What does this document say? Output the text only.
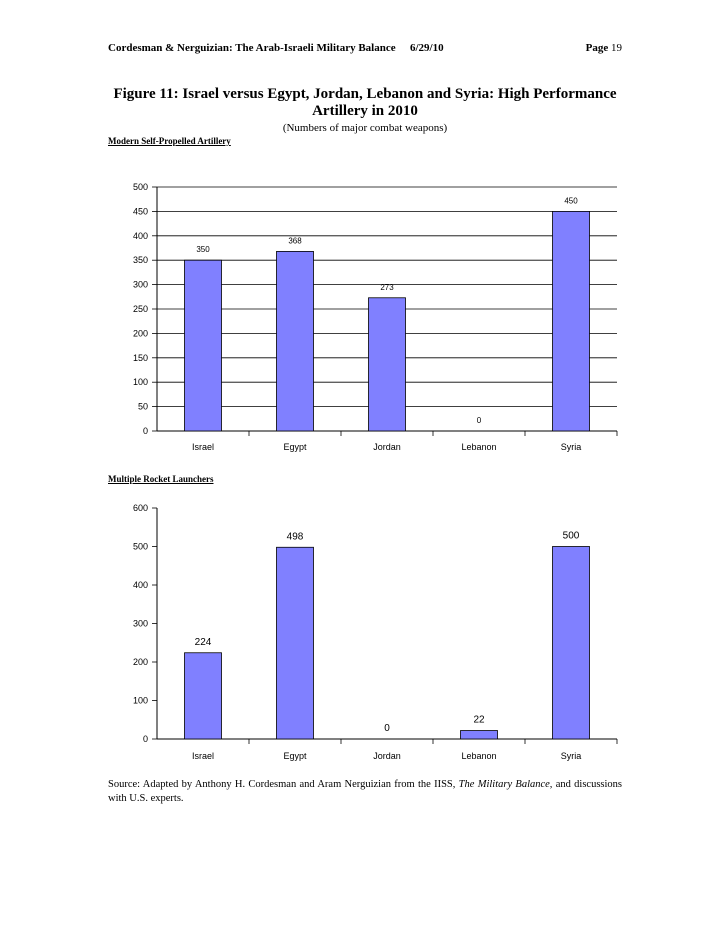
Cordesman & Nerguizian: The Arab-Israeli Military Balance 6/29/10	Page 19
Figure 11: Israel versus Egypt, Jordan, Lebanon and Syria: High Performance Artillery in 2010
(Numbers of major combat weapons)
Modern Self-Propelled Artillery
0
50
100
150
200
250
300
350
400
450
500
350
Israel
368
Egypt
273
Jordan
0
Lebanon
450
Syria
Multiple Rocket Launchers
0
100
200
300
400
500
600
224
Israel
498
Egypt
0
Jordan
22
Lebanon
500
Syria
Source: Adapted by Anthony H. Cordesman and Aram Nerguizian from the IISS, The Military Balance, and discussions with U.S. experts.
